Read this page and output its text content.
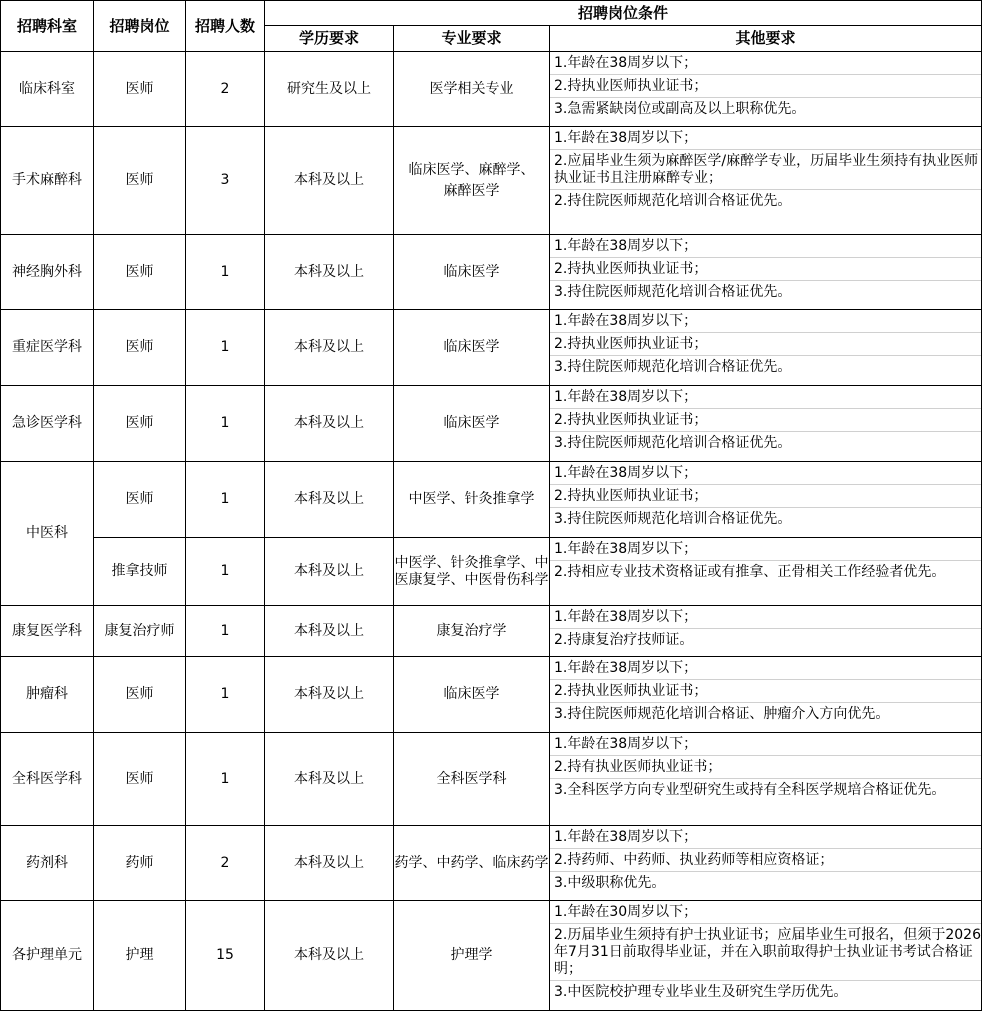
招聘科室	招聘岗位	招聘人数	招聘岗位条件		
			学历要求	专业要求	其他要求
临床科室	医师	2	研究生及以上	医学相关专业	1.年龄在38周岁以下；
2.持执业医师执业证书；
3.急需紧缺岗位或副高及以上职称优先。

手术麻醉科	医师	3	本科及以上	临床医学、麻醉学、
麻醉医学	1.年龄在38周岁以下；
2.应届毕业生须为麻醉医学/麻醉学专业，历届毕业生须持有执业医师执业证书且注册麻醉专业；
2.持住院医师规范化培训合格证优先。

神经胸外科	医师	1	本科及以上	临床医学	1.年龄在38周岁以下；
2.持执业医师执业证书；
3.持住院医师规范化培训合格证优先。

重症医学科	医师	1	本科及以上	临床医学	1.年龄在38周岁以下；
2.持执业医师执业证书；
3.持住院医师规范化培训合格证优先。

急诊医学科	医师	1	本科及以上	临床医学	1.年龄在38周岁以下；
2.持执业医师执业证书；
3.持住院医师规范化培训合格证优先。

中医科	医师	1	本科及以上	中医学、针灸推拿学	1.年龄在38周岁以下；
2.持执业医师执业证书；
3.持住院医师规范化培训合格证优先。

	推拿技师	1	本科及以上	中医学、针灸推拿学、中医康复学、中医骨伤科学	1.年龄在38周岁以下；
2.持相应专业技术资格证或有推拿、正骨相关工作经验者优先。

康复医学科	康复治疗师	1	本科及以上	康复治疗学	1.年龄在38周岁以下；
2.持康复治疗技师证。

肿瘤科	医师	1	本科及以上	临床医学	1.年龄在38周岁以下；
2.持执业医师执业证书；
3.持住院医师规范化培训合格证、肿瘤介入方向优先。

全科医学科	医师	1	本科及以上	全科医学科	1.年龄在38周岁以下；
2.持有执业医师执业证书；
3.全科医学方向专业型研究生或持有全科医学规培合格证优先。

药剂科	药师	2	本科及以上	药学、中药学、临床药学	1.年龄在38周岁以下；
2.持药师、中药师、执业药师等相应资格证；
3.中级职称优先。

各护理单元	护理	15	本科及以上	护理学	1.年龄在30周岁以下；
2.历届毕业生须持有护士执业证书；应届毕业生可报名，但须于2026年7月31日前取得毕业证，并在入职前取得护士执业证书考试合格证明；
3.中医院校护理专业毕业生及研究生学历优先。
